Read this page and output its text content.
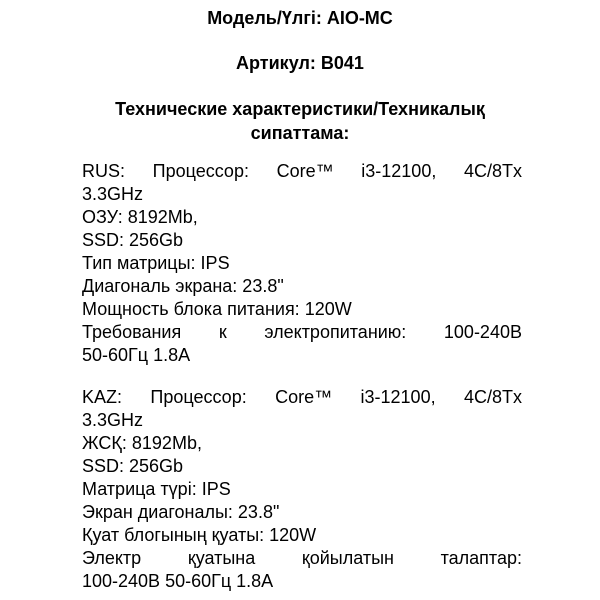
Модель/Үлгі: AIO-MC
Артикул: B041
Технические характеристики/Техникалық
сипаттама:
RUS: Процессор: Core™ i3-12100, 4C/8Tx
3.3GHz
ОЗУ: 8192Mb,
SSD: 256Gb
Тип матрицы: IPS
Диагональ экрана: 23.8"
Мощность блока питания: 120W
Требования к электропитанию: 100-240В
50-60Гц 1.8А
KAZ: Процессор: Core™ i3-12100, 4C/8Tx
3.3GHz
ЖСҚ: 8192Mb,
SSD: 256Gb
Матрица түрі: IPS
Экран диагоналы: 23.8"
Қуат блогының қуаты: 120W
Электр	қуатына	қойылатын	талаптар:
100-240В 50-60Гц 1.8А
